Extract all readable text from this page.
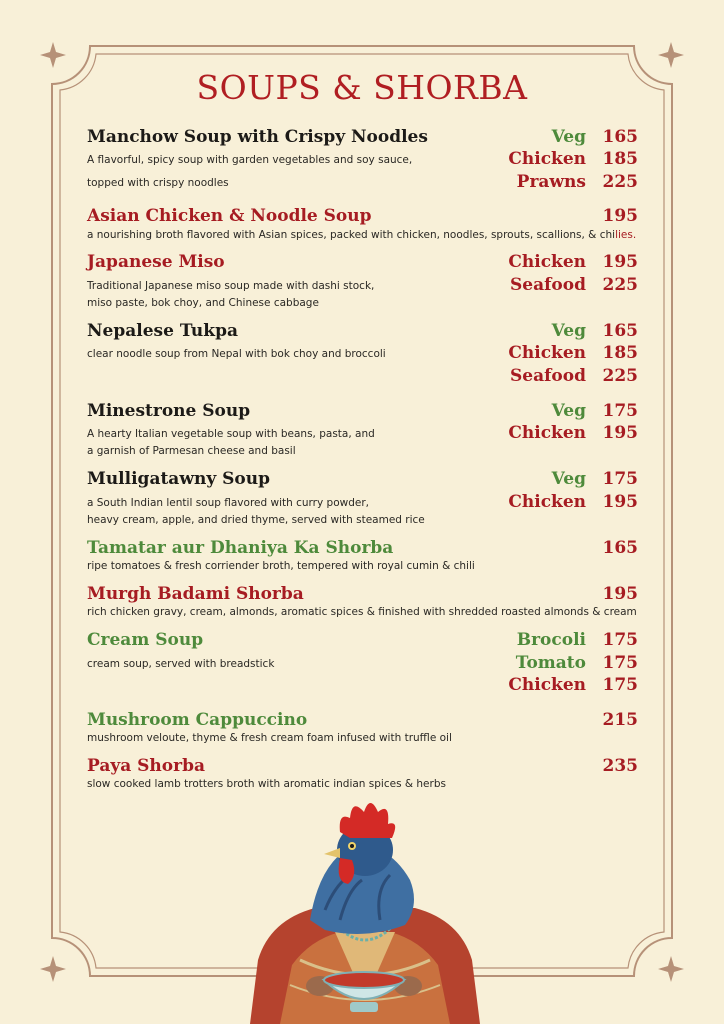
SOUPS & SHORBA
Manchow Soup with Crispy Noodles	Veg 165
A flavorful, spicy soup with garden vegetables and soy sauce,	Chicken 185
topped with crispy noodles	Prawns 225
Asian Chicken & Noodle Soup	195
a nourishing broth flavored with Asian spices, packed with chicken, noodles, sprouts, scallions, & chilies.
Japanese Miso	Chicken 195
Traditional Japanese miso soup made with dashi stock,	Seafood 225
miso paste, bok choy, and Chinese cabbage
Nepalese Tukpa	Veg 165
clear noodle soup from Nepal with bok choy and broccoli	Chicken 185
Seafood 225
Minestrone Soup	Veg 175
A hearty Italian vegetable soup with beans, pasta, and	Chicken 195
a garnish of Parmesan cheese and basil
Mulligatawny Soup	Veg 175
a South Indian lentil soup flavored with curry powder,	Chicken 195
heavy cream, apple, and dried thyme, served with steamed rice
Tamatar aur Dhaniya Ka Shorba	165
ripe tomatoes & fresh corriender broth, tempered with royal cumin & chili
Murgh Badami Shorba	195
rich chicken gravy, cream, almonds, aromatic spices & finished with shredded roasted almonds & cream
Cream Soup	Brocoli 175
cream soup, served with breadstick	Tomato 175
Chicken 175
Mushroom Cappuccino	215
mushroom veloute, thyme & fresh cream foam infused with truffle oil
Paya Shorba	235
slow cooked lamb trotters broth with aromatic indian spices & herbs
